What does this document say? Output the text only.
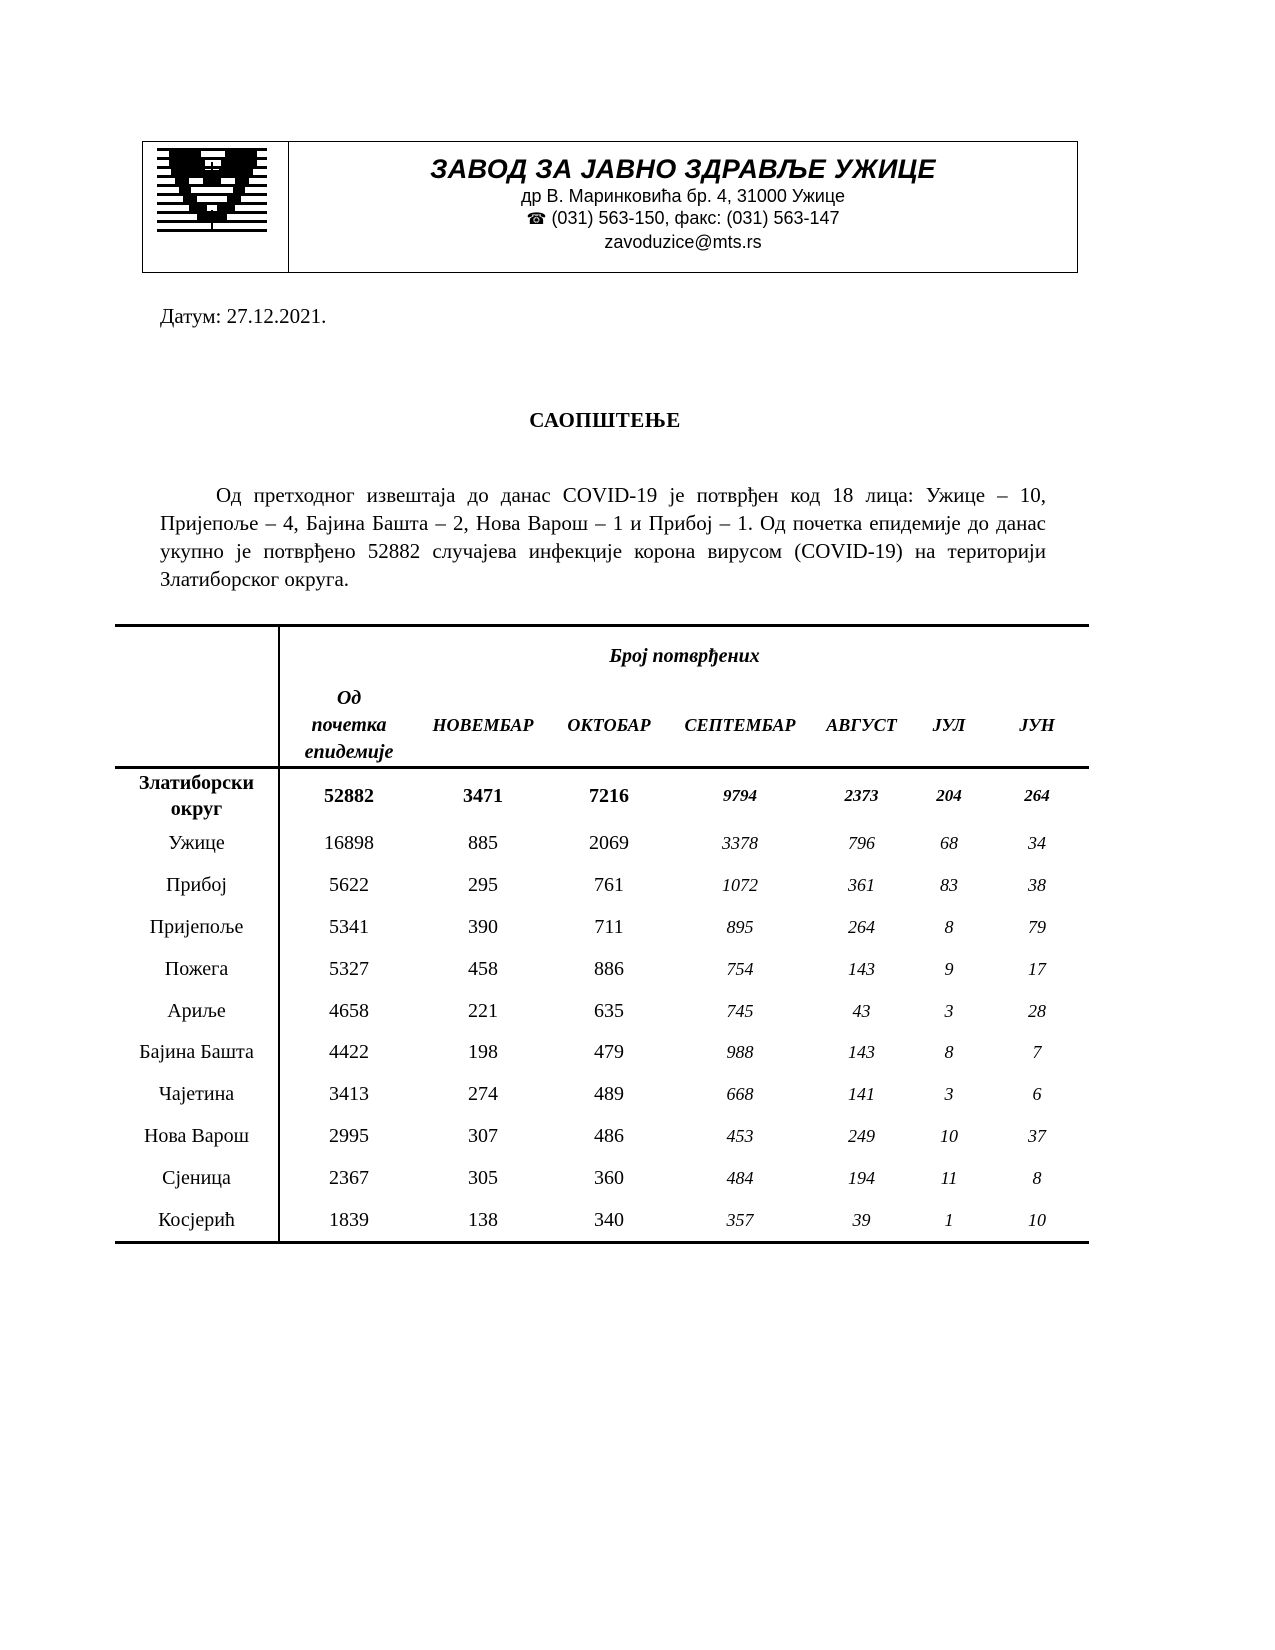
ЗАВОД ЗА ЈАВНО ЗДРАВЉЕ УЖИЦЕ
др В. Маринковића бр. 4, 31000 Ужице
☎ (031) 563-150, факс: (031) 563-147
zavoduzice@mts.rs
Датум: 27.12.2021.
САОПШТЕЊЕ
Од претходног извештаја до данас COVID-19 је потврђен код 18 лица: Ужице – 10, Пријепоље – 4, Бајина Башта – 2, Нова Варош – 1 и Прибој – 1. Од почетка епидемије до данас укупно је потврђено 52882 случајева инфекције корона вирусом (COVID-19) на територији Златиборског округа.
	Број потврђених						

	Од
почетка
епидемије	НОВЕМБАР	ОКТОБАР	СЕПТЕМБАР	АВГУСТ	ЈУЛ	ЈУН

Златиборски
округ	52882	3471	7216	9794	2373	204	264
Ужице	16898	885	2069	3378	796	68	34
Прибој	5622	295	761	1072	361	83	38
Пријепоље	5341	390	711	895	264	8	79
Пожега	5327	458	886	754	143	9	17
Ариље	4658	221	635	745	43	3	28
Бајина Башта	4422	198	479	988	143	8	7
Чајетина	3413	274	489	668	141	3	6
Нова Варош	2995	307	486	453	249	10	37
Сјеница	2367	305	360	484	194	11	8
Косјерић	1839	138	340	357	39	1	10
